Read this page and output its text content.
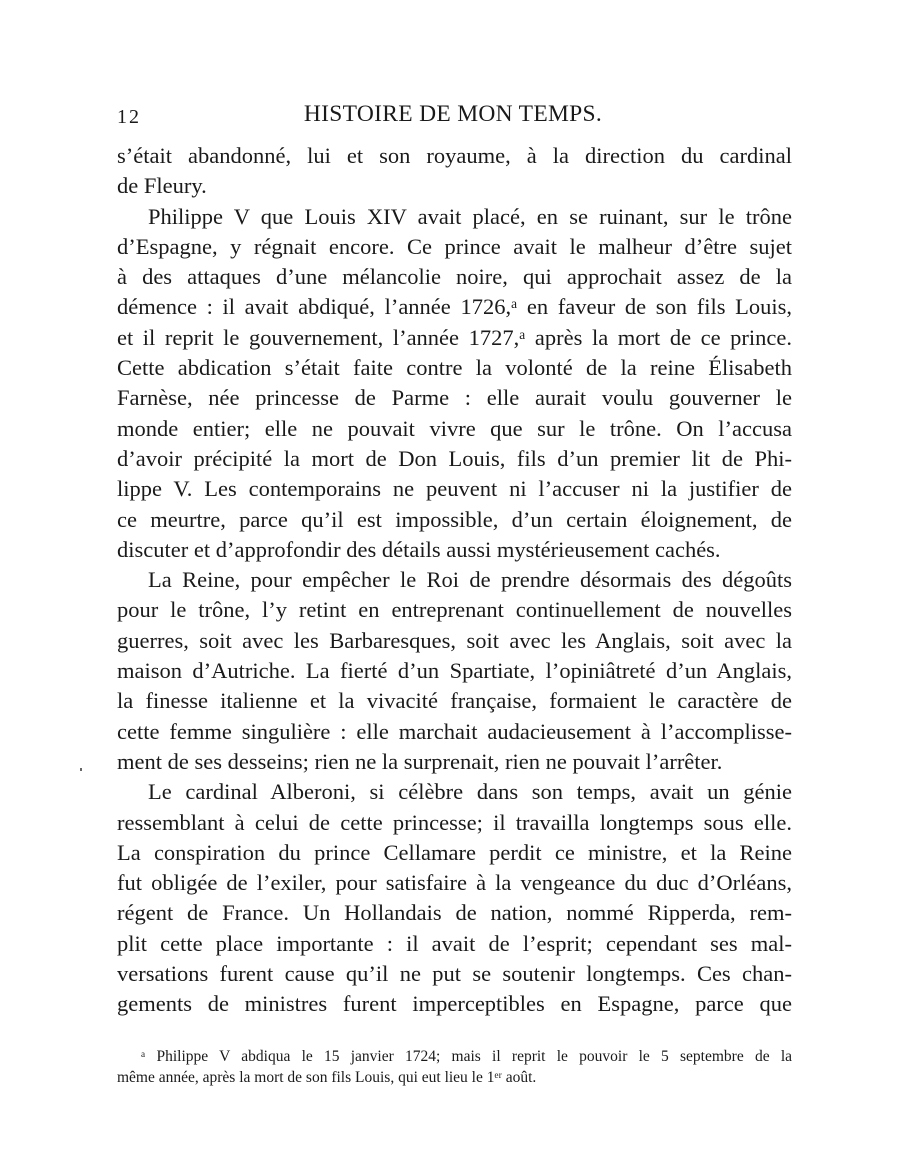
12	HISTOIRE DE MON TEMPS.
s’était abandonné, lui et son royaume, à la direction du cardinal
de Fleury.
Philippe V que Louis XIV avait placé, en se ruinant, sur le trône
d’Espagne, y régnait encore. Ce prince avait le malheur d’être sujet
à des attaques d’une mélancolie noire, qui approchait assez de la
démence : il avait abdiqué, l’année 1726,ᵃ en faveur de son fils Louis,
et il reprit le gouvernement, l’année 1727,ᵃ après la mort de ce prince.
Cette abdication s’était faite contre la volonté de la reine Élisabeth
Farnèse, née princesse de Parme : elle aurait voulu gouverner le
monde entier; elle ne pouvait vivre que sur le trône. On l’accusa
d’avoir précipité la mort de Don Louis, fils d’un premier lit de Phi-
lippe V. Les contemporains ne peuvent ni l’accuser ni la justifier de
ce meurtre, parce qu’il est impossible, d’un certain éloignement, de
discuter et d’approfondir des détails aussi mystérieusement cachés.
La Reine, pour empêcher le Roi de prendre désormais des dégoûts
pour le trône, l’y retint en entreprenant continuellement de nouvelles
guerres, soit avec les Barbaresques, soit avec les Anglais, soit avec la
maison d’Autriche. La fierté d’un Spartiate, l’opiniâtreté d’un Anglais,
la finesse italienne et la vivacité française, formaient le caractère de
cette femme singulière : elle marchait audacieusement à l’accomplisse-
ment de ses desseins; rien ne la surprenait, rien ne pouvait l’arrêter.
Le cardinal Alberoni, si célèbre dans son temps, avait un génie
ressemblant à celui de cette princesse; il travailla longtemps sous elle.
La conspiration du prince Cellamare perdit ce ministre, et la Reine
fut obligée de l’exiler, pour satisfaire à la vengeance du duc d’Orléans,
régent de France. Un Hollandais de nation, nommé Ripperda, rem-
plit cette place importante : il avait de l’esprit; cependant ses mal-
versations furent cause qu’il ne put se soutenir longtemps. Ces chan-
gements de ministres furent imperceptibles en Espagne, parce que
ᵃ Philippe V abdiqua le 15 janvier 1724; mais il reprit le pouvoir le 5 septembre de la
même année, après la mort de son fils Louis, qui eut lieu le 1ᵉʳ août.
